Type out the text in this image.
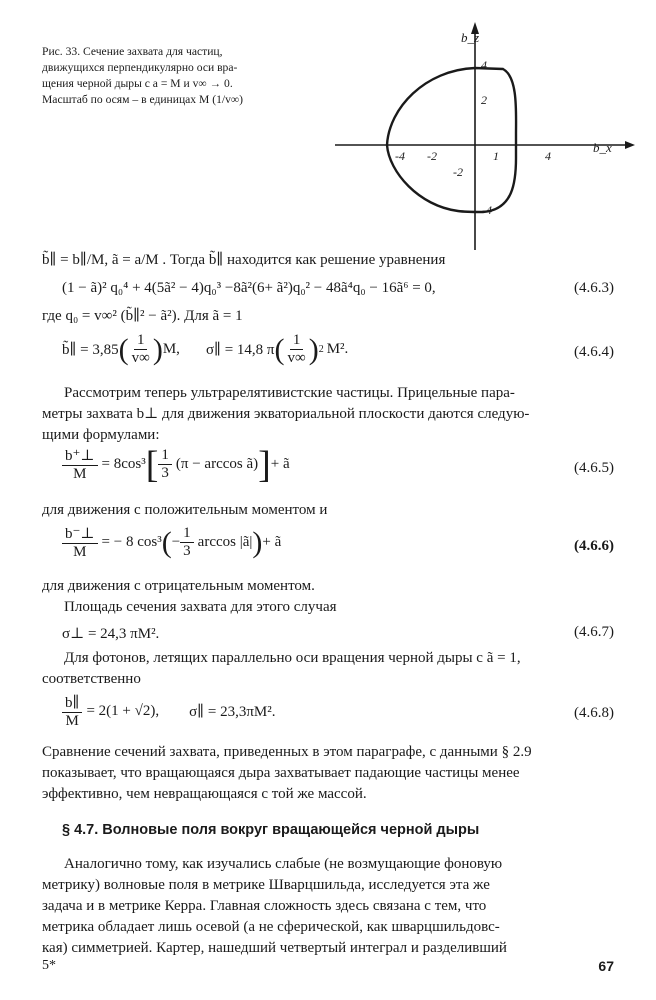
Рис. 33. Сечение захвата для частиц,
движущихся перпендикулярно оси вра-
щения черной дыры с a = M и v∞ → 0.
Масштаб по осям – в единицах M (1/v∞)
-4 -2	1	4
4
2
-2
-4
b_z
b_x
b̃∥ = b∥/M, ã = a/M . Тогда b̃∥ находится как решение уравнения
(1 − ã)² q₀⁴ + 4(5ã² − 4)q₀³ −8ã²(6+ ã²)q₀² − 48ã⁴q₀ − 16ã⁶ = 0,	(4.6.3)
где q₀ = v∞² (b̃∥² − ã²). Для ã = 1
b̃∥ = 3,85 ( $\frac{1}{v\infty}$ ) M, σ∥ = 14,8 π ( $\frac{1}{v\infty}$ ) 2 M².	(4.6.4)
Рассмотрим теперь ультрарелятивистские частицы. Прицельные пара-
метры захвата b⊥ для движения экваториальной плоскости даются следую-
щими формулами:
$\frac{b^+\perp}{M} = 8\cos^3$ [ $\frac{1}{3} (\pi - \arccos$ ã) ] + ã	(4.6.5)
для движения с положительным моментом и
$\frac{b^-\perp}{M}$ = − 8 cos³ ( − $\frac{1}{3}$ arccos |ã| ) + ã	(4.6.6)
для движения с отрицательным моментом.
Площадь сечения захвата для этого случая
σ⊥ = 24,3 πM².	(4.6.7)
Для фотонов, летящих параллельно оси вращения черной дыры с ã = 1,
соответственно
$\frac{b\parallel}{M} = 2(1 + √2)$, σ∥ = 23,3πM².	(4.6.8)
Сравнение сечений захвата, приведенных в этом параграфе, с данными § 2.9
показывает, что вращающаяся дыра захватывает падающие частицы менее
эффективно, чем невращающаяся с той же массой.
§ 4.7. Волновые поля вокруг вращающейся черной дыры
Аналогично тому, как изучались слабые (не возмущающие фоновую
метрику) волновые поля в метрике Шварцшильда, исследуется эта же
задача и в метрике Керра. Главная сложность здесь связана с тем, что
метрика обладает лишь осевой (а не сферической, как шварцшильдовс-
кая) симметрией. Картер, нашедший четвертый интеграл и разделивший
5*	67
